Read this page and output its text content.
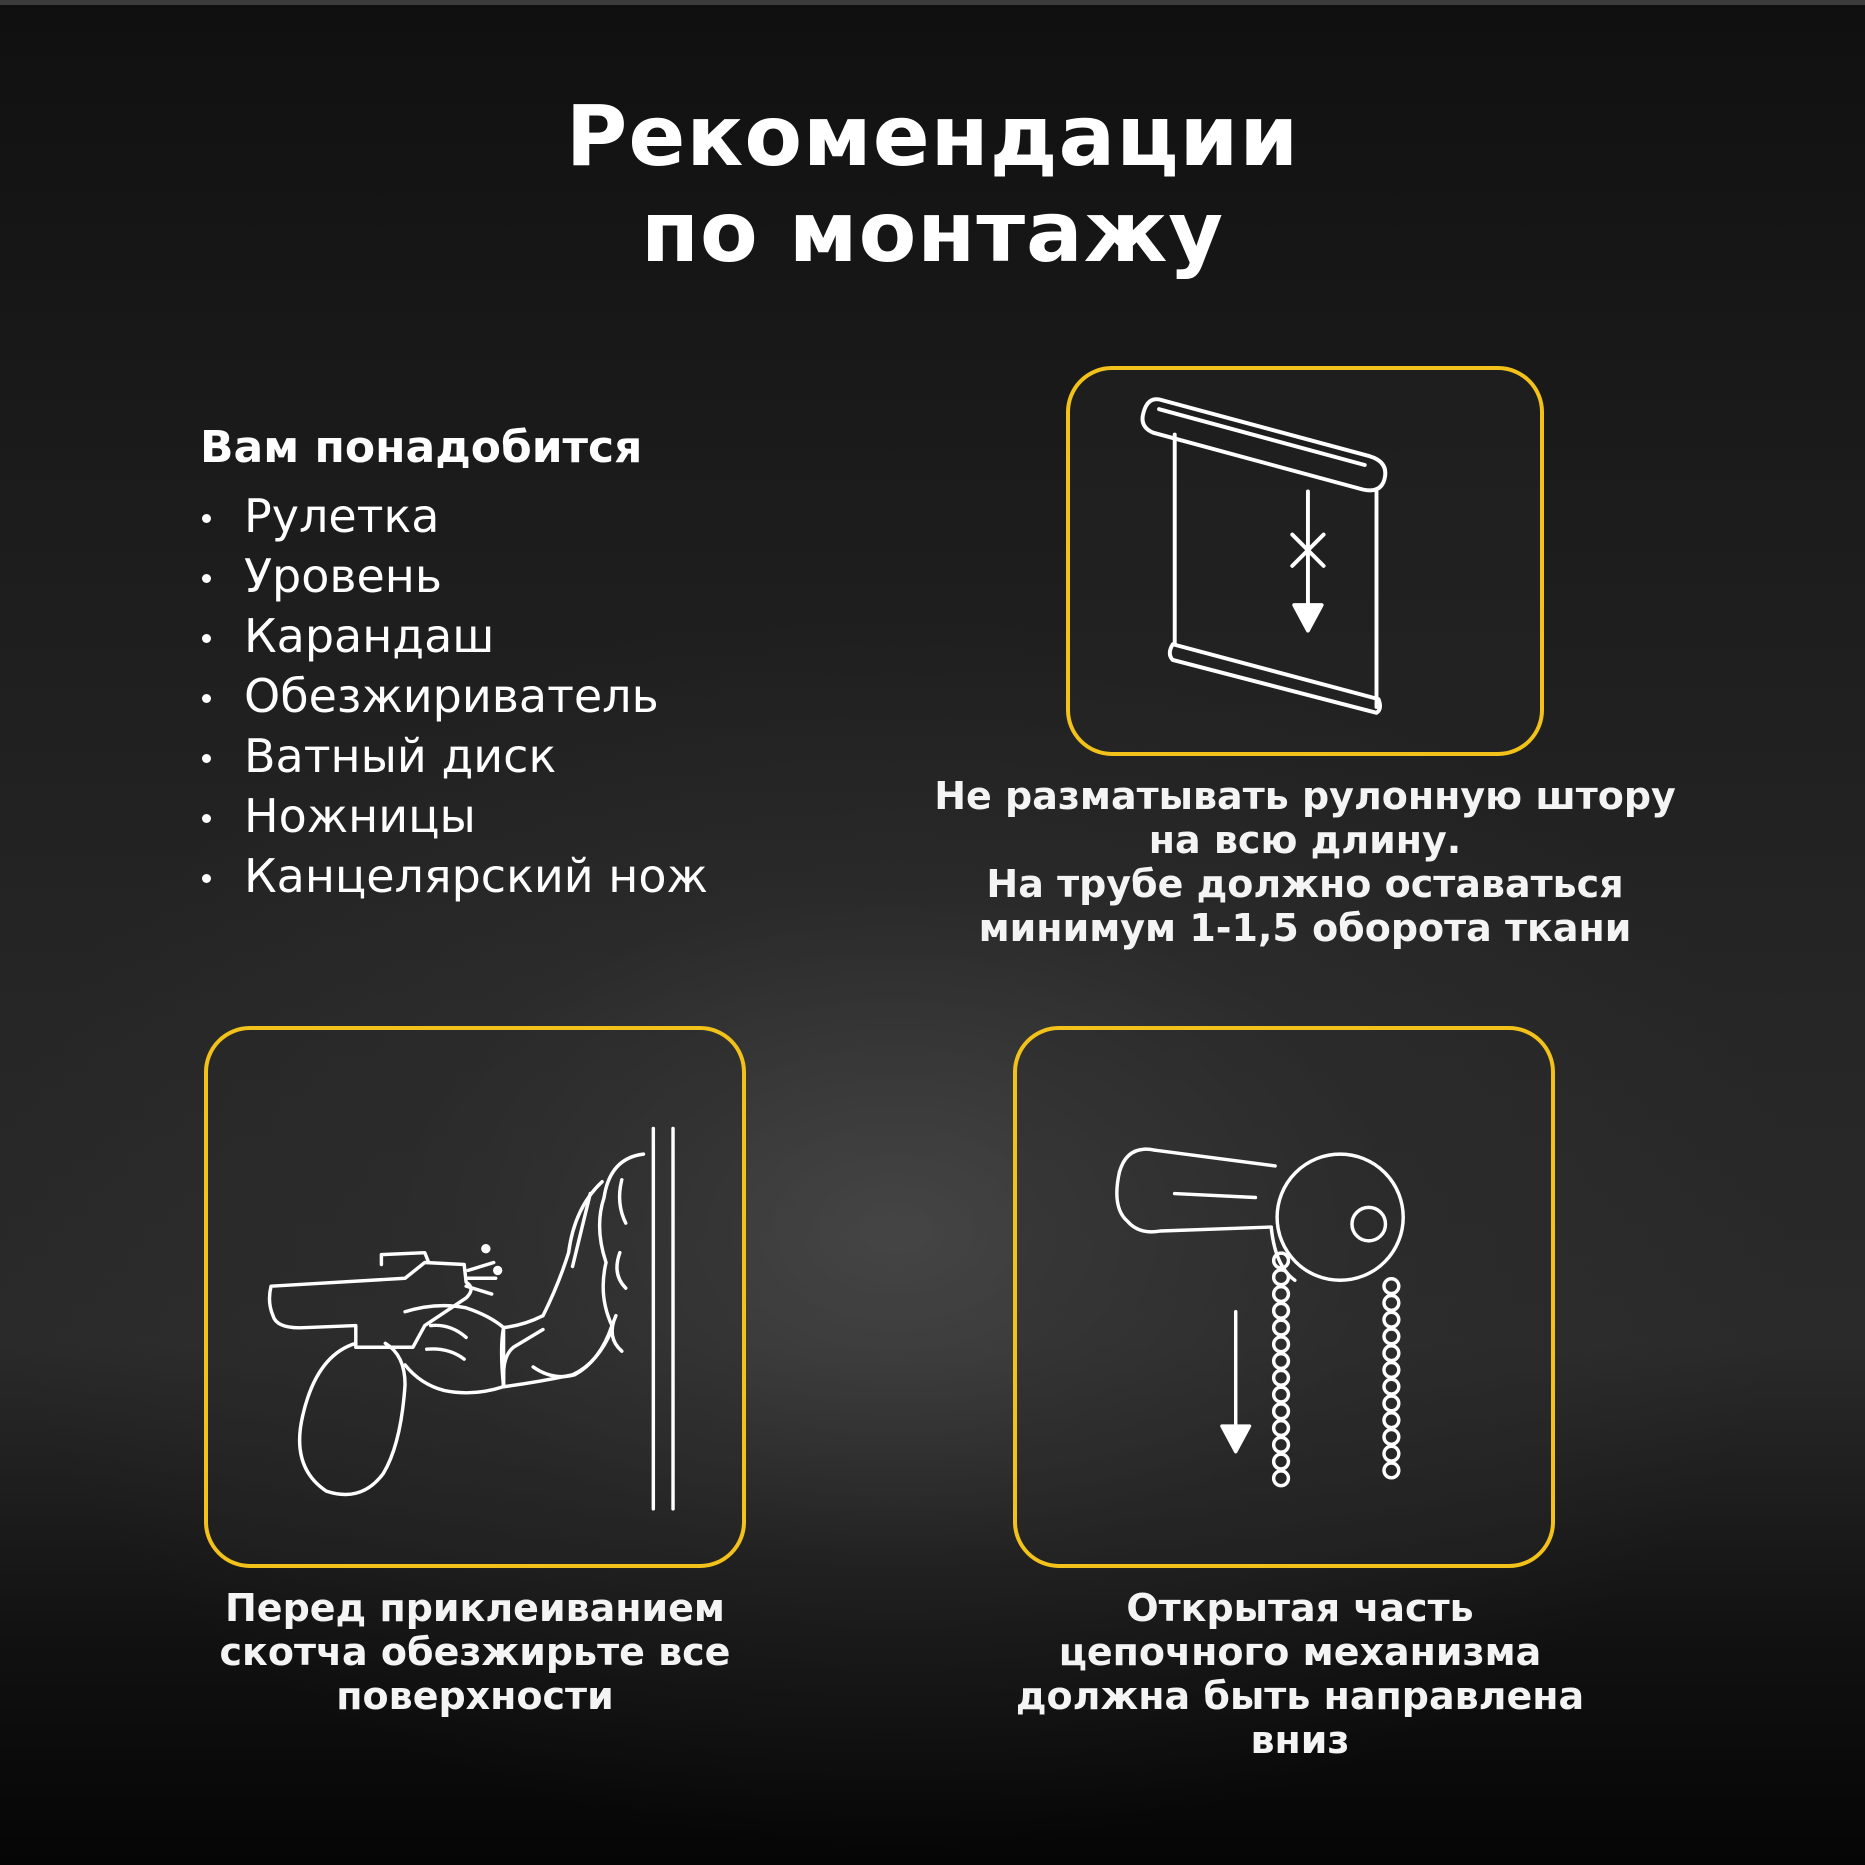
Рекомендации
по монтажу
Вам понадобится
Рулетка
Уровень
Карандаш
Обезжириватель
Ватный диск
Ножницы
Канцелярский нож
Не разматывать рулонную штору
на всю длину.
На трубе должно оставаться
минимум 1-1,5 оборота ткани
Перед приклеиванием
скотча обезжирьте все
поверхности
Открытая часть
цепочного механизма
должна быть направлена
вниз
